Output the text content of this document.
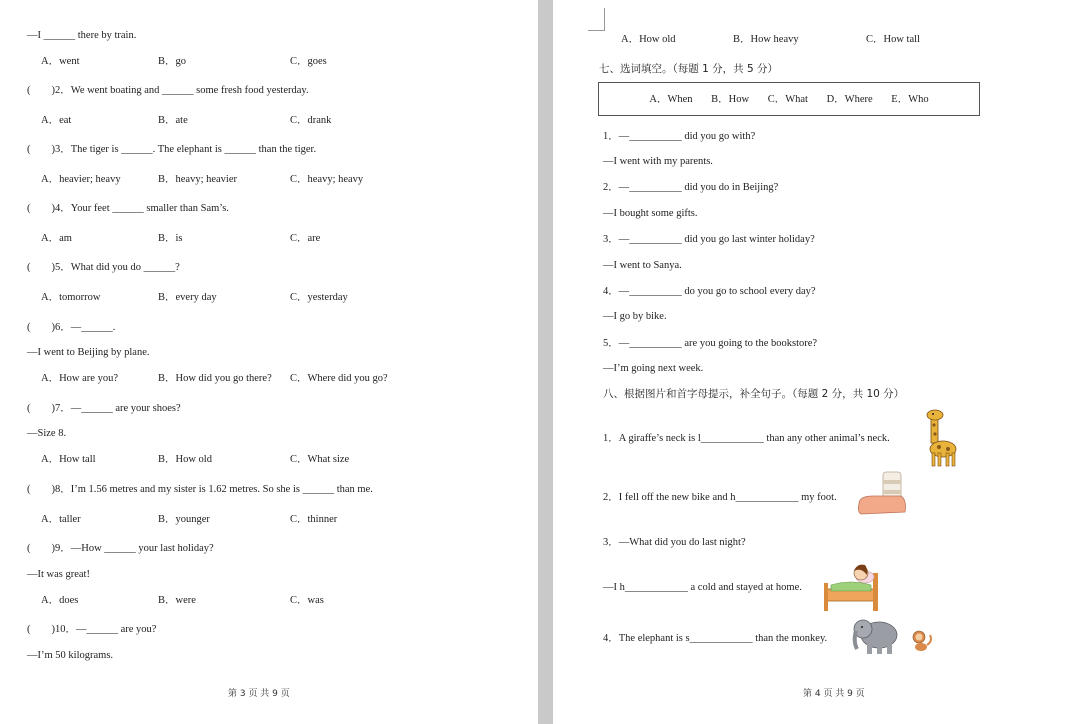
—I ______ there by train.
A．went	B．go	C．goes
(　　)2．We went boating and ______ some fresh food yesterday.
A．eat	B．ate	C．drank
(　　)3．The tiger is ______. The elephant is ______ than the tiger.
A．heavier; heavy	B．heavy; heavier	C．heavy; heavy
(　　)4．Your feet ______ smaller than Sam’s.
A．am	B．is	C．are
(　　)5．What did you do ______?
A．tomorrow	B．every day	C．yesterday
(　　)6．—______.
—I went to Beijing by plane.
A．How are you?	B．How did you go there? C．Where did you go?
(　　)7．—______ are your shoes?
—Size 8.
A．How tall	B．How old	C．What size
(　　)8．I’m 1.56 metres and my sister is 1.62 metres. So she is ______ than me.
A．taller	B．younger	C．thinner
(　　)9．—How ______ your last holiday?
—It was great!
A．does	B．were	C．was
(　　)10．—______ are you?
—I’m 50 kilograms.
第 3 页 共 9 页
A．How old	B．How heavy	C．How tall
七、选词填空。（每题 1 分，共 5 分）
A．When B．How C．What D．Where E．Who
1．—__________ did you go with?
—I went with my parents.
2．—__________ did you do in Beijing?
—I bought some gifts.
3．—__________ did you go last winter holiday?
—I went to Sanya.
4．—__________ do you go to school every day?
—I go by bike.
5．—__________ are you going to the bookstore?
—I’m going next week.
八、根据图片和首字母提示，补全句子。（每题 2 分，共 10 分）
1．A giraffe’s neck is l____________ than any other animal’s neck.
2．I fell off the new bike and h____________ my foot.
3．—What did you do last night?
—I h____________ a cold and stayed at home.
4．The elephant is s____________ than the monkey.
第 4 页 共 9 页
